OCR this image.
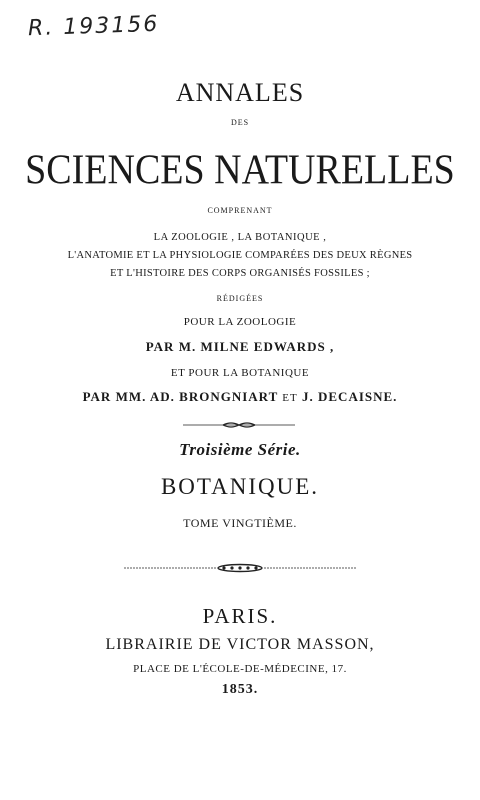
R. 193156

ANNALES

DES

SCIENCES NATURELLES

COMPRENANT

LA ZOOLOGIE , LA BOTANIQUE ,

L'ANATOMIE ET LA PHYSIOLOGIE COMPARÉES DES DEUX RÈGNES

ET L'HISTOIRE DES CORPS ORGANISÉS FOSSILES ;

RÉDIGÉES

POUR LA ZOOLOGIE

PAR M. MILNE EDWARDS ,

ET POUR LA BOTANIQUE

PAR MM. AD. BRONGNIART ET J. DECAISNE.

Troisième Série.

BOTANIQUE.

TOME VINGTIÈME.

PARIS.

LIBRAIRIE DE VICTOR MASSON,

PLACE DE L'ÉCOLE-DE-MÉDECINE, 17.

1853.
